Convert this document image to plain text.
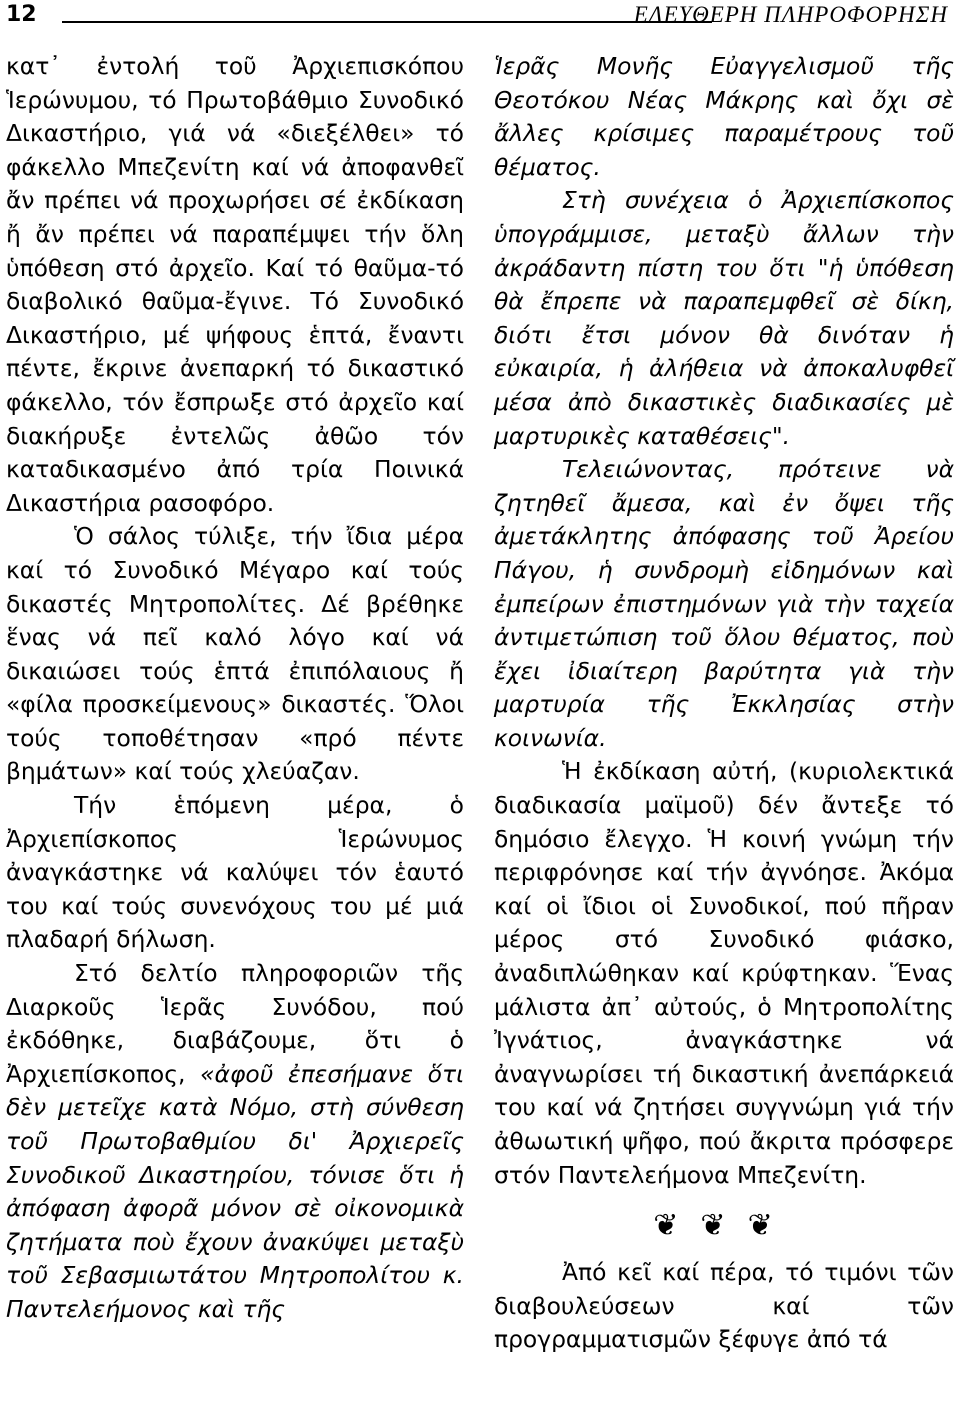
12	ΕΛΕΥΘΕΡΗ ΠΛΗΡΟΦΟΡΗΣΗ

κατ᾽ ἐντολή τοῦ Ἀρχιεπισκόπου Ἱερώνυμου, τό Πρωτοβάθμιο Συνοδικό Δικαστήριο, γιά νά «διεξέλθει» τό φάκελλο Μπεζενίτη καί νά ἀποφανθεῖ ἄν πρέπει νά προχωρήσει σέ ἐκδίκαση ἤ ἄν πρέπει νά παραπέμψει τήν ὅλη ὑπόθεση στό ἀρχεῖο. Καί τό θαῦμα-τό διαβολικό θαῦμα-ἔγινε. Τό Συνοδικό Δικαστήριο, μέ ψήφους ἑπτά, ἔναντι πέντε, ἔκρινε ἀνεπαρκή τό δικαστικό φάκελλο, τόν ἔσπρωξε στό ἀρχεῖο καί διακήρυξε ἐντελῶς ἀθῶο τόν καταδικασμένο ἀπό τρία Ποινικά Δικαστήρια ρασοφόρο.

Ὁ σάλος τύλιξε, τήν ἴδια μέρα καί τό Συνοδικό Μέγαρο καί τούς δικαστές Μητροπολίτες. Δέ βρέθηκε ἕνας νά πεῖ καλό λόγο καί νά δικαιώσει τούς ἑπτά ἐπιπόλαιους ἤ «φίλα προσκείμενους» δικαστές. Ὅλοι τούς τοποθέτησαν «πρό πέντε βημάτων» καί τούς χλεύαζαν.

Τήν ἑπόμενη μέρα, ὁ Ἀρχιεπίσκοπος Ἱερώνυμος ἀναγκάστηκε νά καλύψει τόν ἑαυτό του καί τούς συνενόχους του μέ μιά πλαδαρή δήλωση.

Στό δελτίο πληροφοριῶν τῆς Διαρκοῦς Ἱερᾶς Συνόδου, πού ἐκδόθηκε, διαβάζουμε, ὅτι ὁ Ἀρχιεπίσκοπος, «ἀφοῦ ἐπεσήμανε ὅτι δὲν μετεῖχε κατὰ Νόμο, στὴ σύνθεση τοῦ Πρωτοβαθμίου δι' Ἀρχιερεῖς Συνοδικοῦ Δικαστηρίου, τόνισε ὅτι ἡ ἀπόφαση ἀφορᾶ μόνον σὲ οἰκονομικὰ ζητήματα ποὺ ἔχουν ἀνακύψει μεταξὺ τοῦ Σεβασμιωτάτου Μητροπολίτου κ. Παντελεήμονος καὶ τῆς

Ἱερᾶς Μονῆς Εὐαγγελισμοῦ τῆς Θεοτόκου Νέας Μάκρης καὶ ὄχι σὲ ἄλλες κρίσιμες παραμέτρους τοῦ θέματος.

Στὴ συνέχεια ὁ Ἀρχιεπίσκοπος ὑπογράμμισε, μεταξὺ ἄλλων τὴν ἀκράδαντη πίστη του ὅτι "ἡ ὑπόθεση θὰ ἔπρεπε νὰ παραπεμφθεῖ σὲ δίκη, διότι ἔτσι μόνον θὰ δινόταν ἡ εὐκαιρία, ἡ ἀλήθεια νὰ ἀποκαλυφθεῖ μέσα ἀπὸ δικαστικὲς διαδικασίες μὲ μαρτυρικὲς καταθέσεις".

Τελειώνοντας, πρότεινε νὰ ζητηθεῖ ἄμεσα, καὶ ἐν ὄψει τῆς ἀμετάκλητης ἀπόφασης τοῦ Ἀρείου Πάγου, ἡ συνδρομὴ εἰδημόνων καὶ ἐμπείρων ἐπιστημόνων γιὰ τὴν ταχεία ἀντιμετώπιση τοῦ ὅλου θέματος, ποὺ ἔχει ἰδιαίτερη βαρύτητα γιὰ τὴν μαρτυρία τῆς Ἐκκλησίας στὴν κοινωνία.

Ἡ ἐκδίκαση αὐτή, (κυριολεκτικά διαδικασία μαϊμοῦ) δέν ἄντεξε τό δημόσιο ἔλεγχο. Ἡ κοινή γνώμη τήν περιφρόνησε καί τήν ἀγνόησε. Ἀκόμα καί οἱ ἴδιοι οἱ Συνοδικοί, πού πῆραν μέρος στό Συνοδικό φιάσκο, ἀναδιπλώθηκαν καί κρύφτηκαν. Ἕνας μάλιστα ἀπ᾽ αὐτούς, ὁ Μητροπολίτης Ἰγνάτιος, ἀναγκάστηκε νά ἀναγνωρίσει τή δικαστική ἀνεπάρκειά του καί νά ζητήσει συγγνώμη γιά τήν ἀθωωτική ψῆφο, πού ἄκριτα πρόσφερε στόν Παντελεήμονα Μπεζενίτη.

❦❦❦

Ἀπό κεῖ καί πέρα, τό τιμόνι τῶν διαβουλεύσεων καί τῶν προγραμματισμῶν ξέφυγε ἀπό τά
